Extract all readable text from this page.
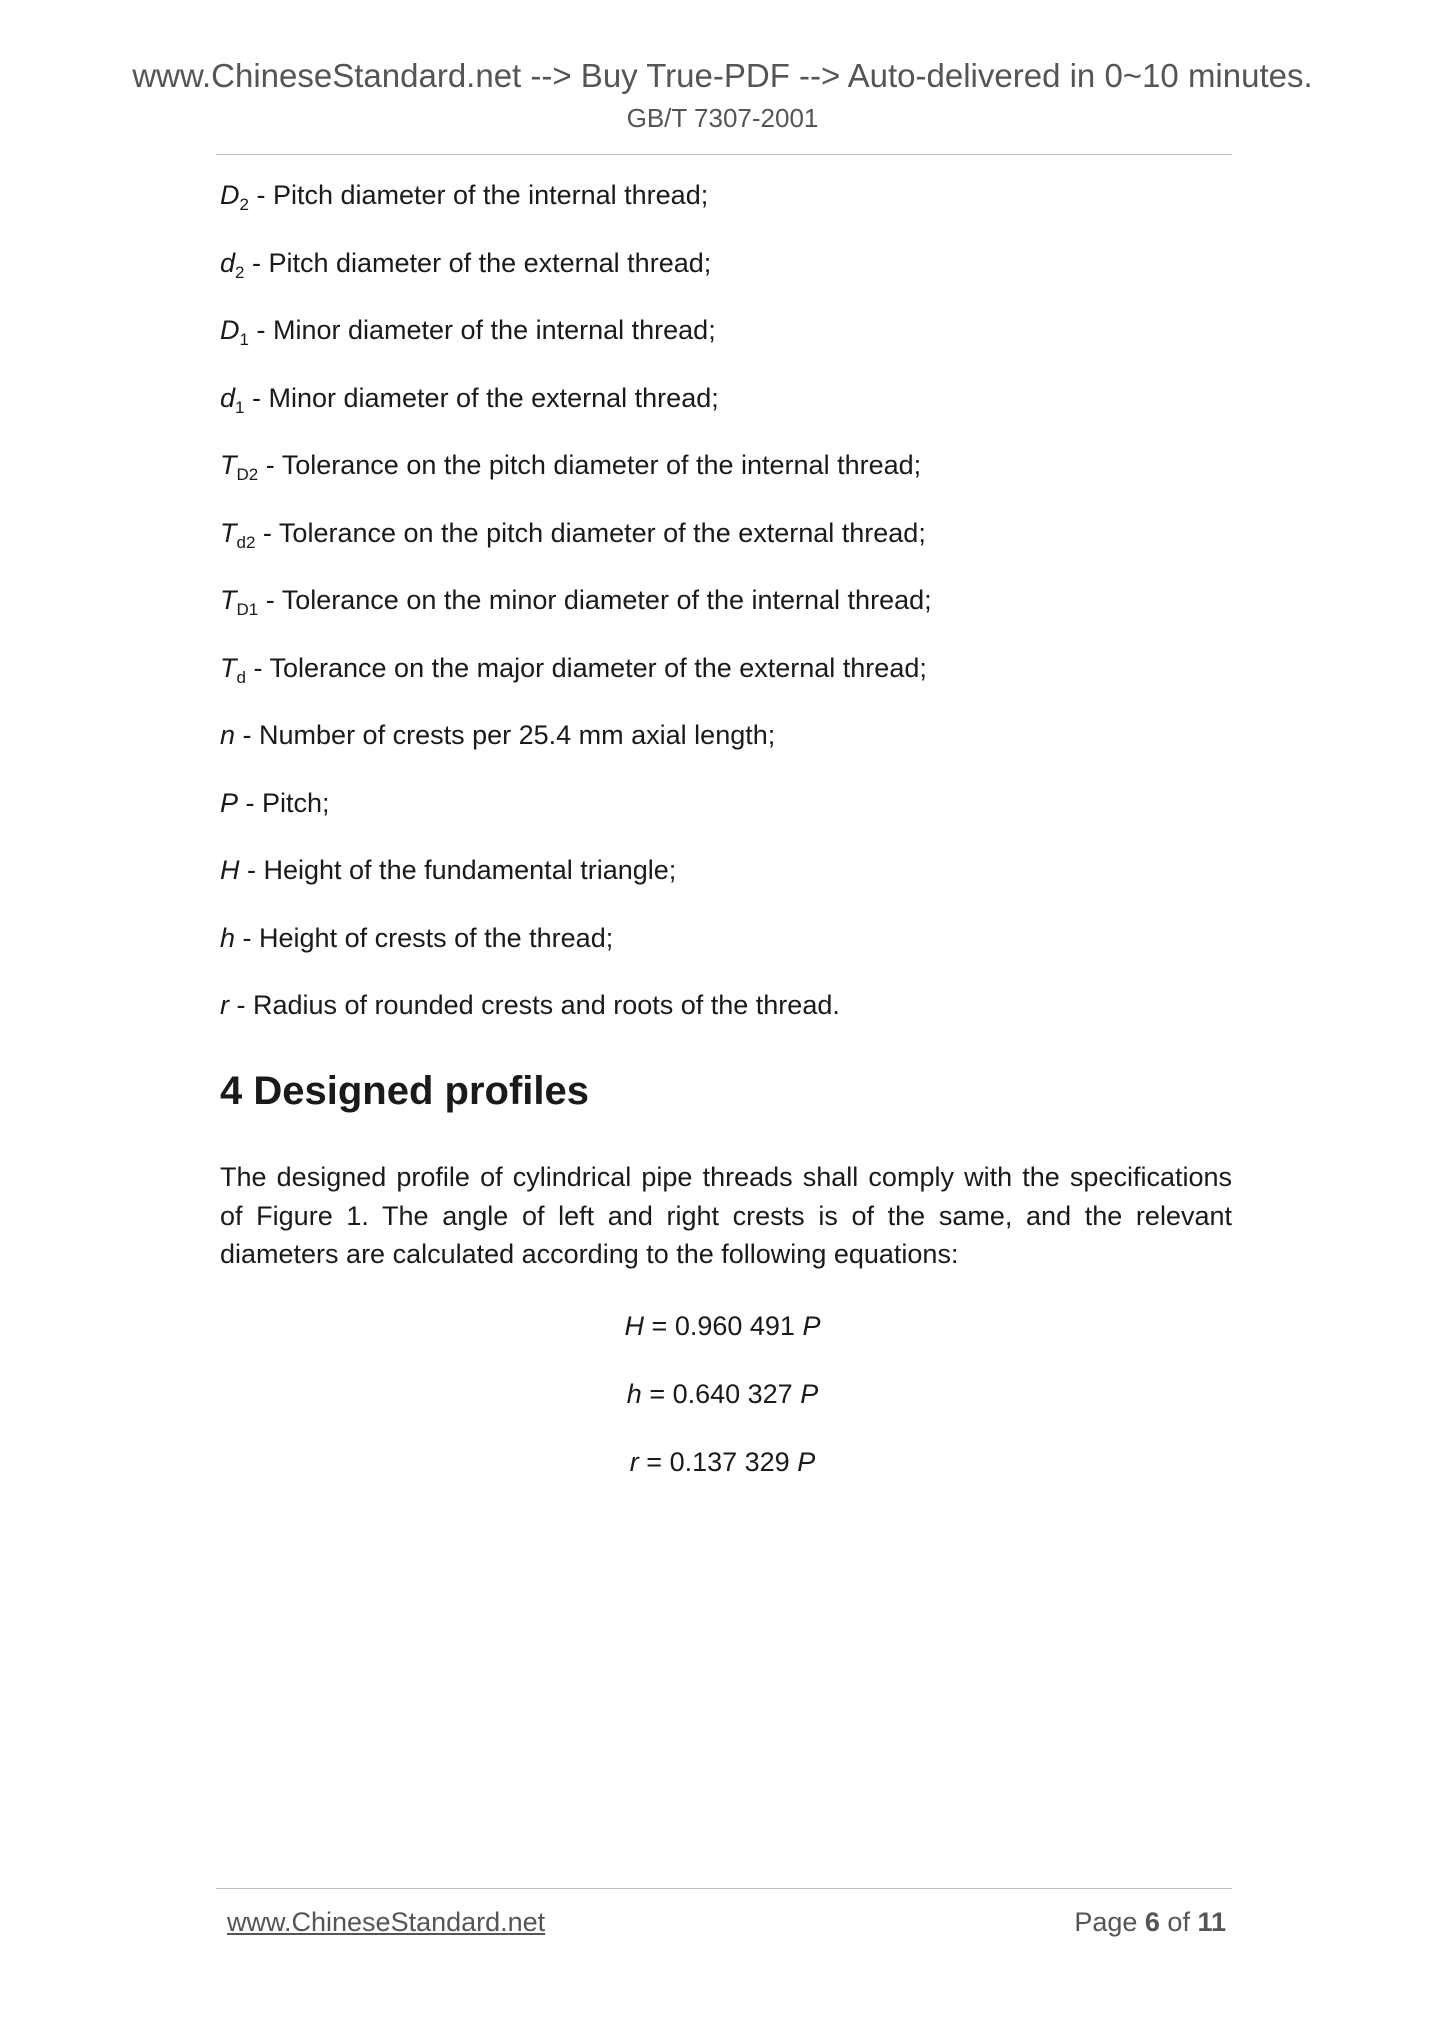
www.ChineseStandard.net --> Buy True-PDF --> Auto-delivered in 0~10 minutes.
GB/T 7307-2001
$D_2$ - Pitch diameter of the internal thread;
$d_2$ - Pitch diameter of the external thread;
$D_1$ - Minor diameter of the internal thread;
$d_1$ - Minor diameter of the external thread;
$T_{D2}$ - Tolerance on the pitch diameter of the internal thread;
$T_{d2}$ - Tolerance on the pitch diameter of the external thread;
$T_{D1}$ - Tolerance on the minor diameter of the internal thread;
$T_d$ - Tolerance on the major diameter of the external thread;
n - Number of crests per 25.4 mm axial length;
P - Pitch;
H - Height of the fundamental triangle;
h - Height of crests of the thread;
r - Radius of rounded crests and roots of the thread.
4 Designed profiles
The designed profile of cylindrical pipe threads shall comply with the specifications of Figure 1. The angle of left and right crests is of the same, and the relevant diameters are calculated according to the following equations:
H = 0.960 491 P
h = 0.640 327 P
r = 0.137 329 P
www.ChineseStandard.net	Page 6 of 11
